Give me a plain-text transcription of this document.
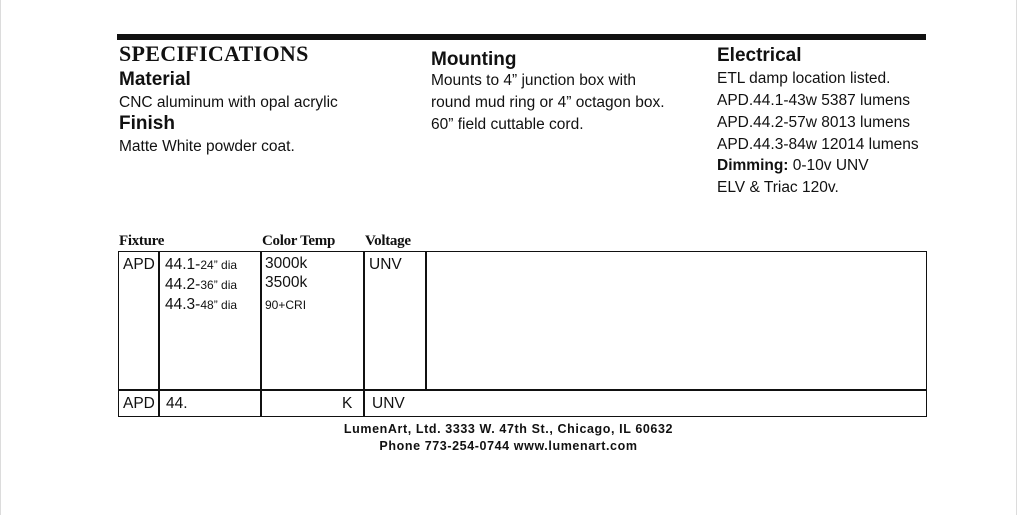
SPECIFICATIONS
Material
CNC aluminum with opal acrylic
Finish
Matte White powder coat.
Mounting
Mounts to 4” junction box with
round mud ring or 4” octagon box.
60” field cuttable cord.
Electrical
ETL damp location listed.
APD.44.1-43w 5387 lumens
APD.44.2-57w 8013 lumens
APD.44.3-84w 12014 lumens
Dimming: 0-10v UNV
ELV & Triac 120v.
Fixture	Color Temp Voltage
APD 44.1-24” dia
44.2-36” dia
44.3-48” dia
3000k
3500k
90+CRI
UNV
APD 44.	K UNV
LumenArt, Ltd. 3333 W. 47th St., Chicago, IL 60632
Phone 773-254-0744 www.lumenart.com
